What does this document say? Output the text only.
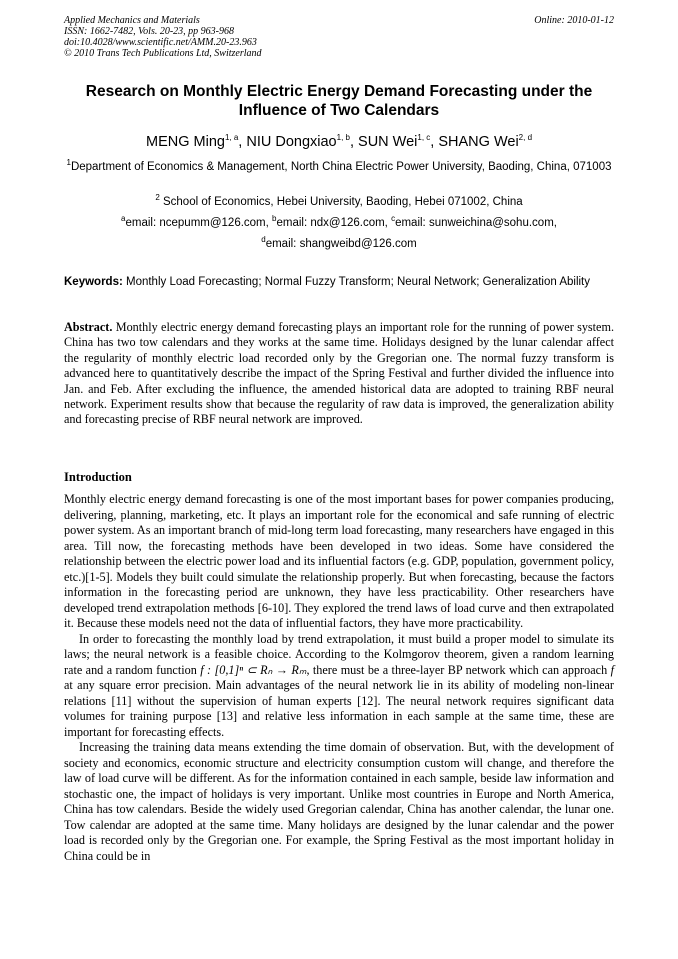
Applied Mechanics and Materials
ISSN: 1662-7482, Vols. 20-23, pp 963-968
doi:10.4028/www.scientific.net/AMM.20-23.963
© 2010 Trans Tech Publications Ltd, Switzerland
Online: 2010-01-12
Research on Monthly Electric Energy Demand Forecasting under the Influence of Two Calendars
MENG Ming$^{1, a}$, NIU Dongxiao$^{1, b}$, SUN Wei$^{1, c}$, SHANG Wei$^{2, d}$
$^1$Department of Economics & Management, North China Electric Power University, Baoding, China, 071003
$^2$ School of Economics, Hebei University, Baoding, Hebei 071002, China
$^a$email: ncepumm@126.com, $^b$email: ndx@126.com, $^c$email: sunweichina@sohu.com,
$^d$email: shangweibd@126.com
Keywords: Monthly Load Forecasting; Normal Fuzzy Transform; Neural Network; Generalization Ability
Abstract. Monthly electric energy demand forecasting plays an important role for the running of power system. China has two tow calendars and they works at the same time. Holidays designed by the lunar calendar affect the regularity of monthly electric load recorded only by the Gregorian one. The normal fuzzy transform is advanced here to quantitatively describe the impact of the Spring Festival and further divided the influence into Jan. and Feb. After excluding the influence, the amended historical data are adopted to training RBF neural network. Experiment results show that because the regularity of raw data is improved, the generalization ability and forecasting precise of RBF neural network are improved.
Introduction

Monthly electric energy demand forecasting is one of the most important bases for power companies producing, delivering, planning, marketing, etc. It plays an important role for the economical and safe running of electric power system. As an important branch of mid-long term load forecasting, many researchers have engaged in this area. Till now, the forecasting methods have been developed in two ideas. Some have considered the relationship between the electric power load and its influential factors (e.g. GDP, population, government policy, etc.)[1-5]. Models they built could simulate the relationship properly. But when forecasting, because the factors information in the forecasting period are unknown, they have less practicability. Other researchers have developed trend extrapolation methods [6-10]. They explored the trend laws of load curve and then extrapolated it. Because these models need not the data of influential factors, they have more practicability.

In order to forecasting the monthly load by trend extrapolation, it must build a proper model to simulate its laws; the neural network is a feasible choice. According to the Kolmgorov theorem, given a random learning rate and a random function f : [0,1]ⁿ ⊂ Rₙ → Rₘ, there must be a three-layer BP network which can approach f at any square error precision. Main advantages of the neural network lie in its ability of modeling non-linear relations [11] without the supervision of human experts [12]. The neural network requires significant data volumes for training purpose [13] and relative less information in each sample at the same time, these are important for forecasting effects.

Increasing the training data means extending the time domain of observation. But, with the development of society and economics, economic structure and electricity consumption custom will change, and therefore the law of load curve will be different. As for the information contained in each sample, beside law information and stochastic one, the impact of holidays is very important. Unlike most countries in Europe and North America, China has tow calendars. Beside the widely used Gregorian calendar, China has another calendar, the lunar one. Tow calendar are adopted at the same time. Many holidays are designed by the lunar calendar and the power load is recorded only by the Gregorian one. For example, the Spring Festival as the most important holiday in China could be in
